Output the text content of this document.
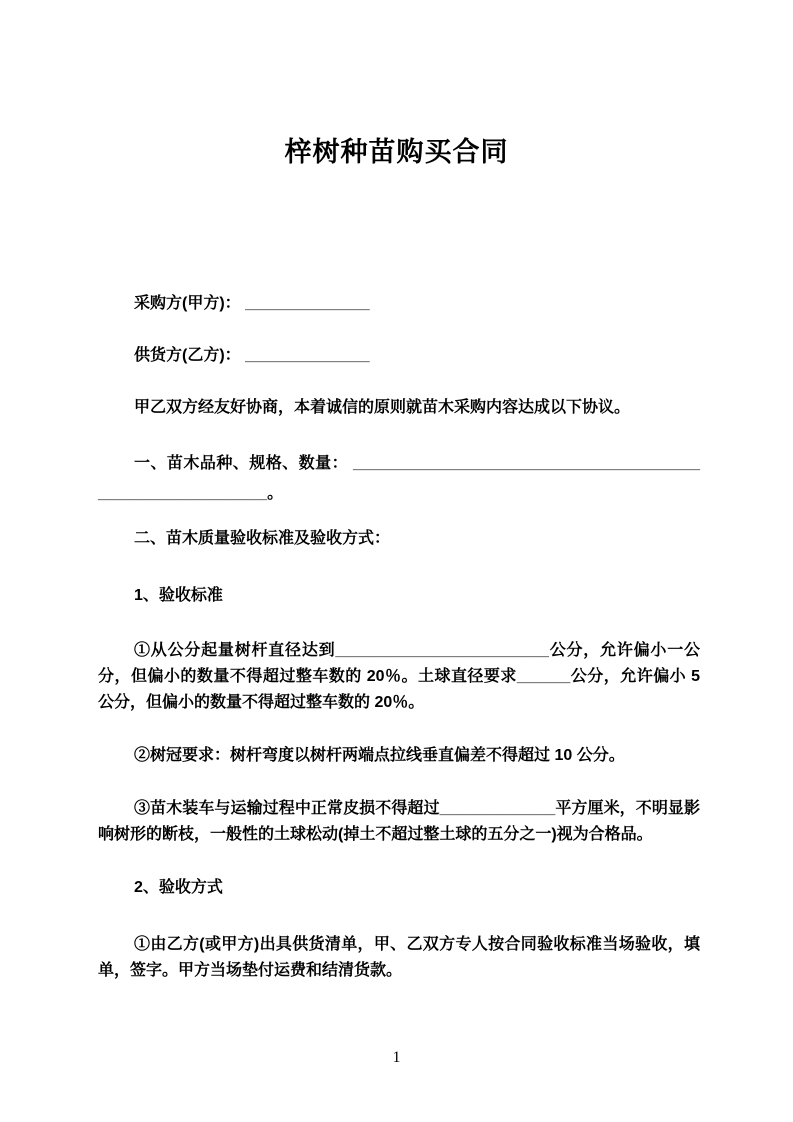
梓树种苗购买合同

采购方(甲方)： ______________

供货方(乙方)： ______________

甲乙双方经友好协商，本着诚信的原则就苗木采购内容达成以下协议。

一、苗木品种、规格、数量： __________________________________________________________。

二、苗木质量验收标准及验收方式：

1、验收标准

①从公分起量树杆直径达到________________________公分，允许偏小一公分，但偏小的数量不得超过整车数的 20％。土球直径要求______公分，允许偏小 5 公分，但偏小的数量不得超过整车数的 20％。

②树冠要求：树杆弯度以树杆两端点拉线垂直偏差不得超过 10 公分。

③苗木装车与运输过程中正常皮损不得超过_____________平方厘米，不明显影响树形的断枝，一般性的土球松动(掉土不超过整土球的五分之一)视为合格品。

2、验收方式

①由乙方(或甲方)出具供货清单，甲、乙双方专人按合同验收标准当场验收，填单，签字。甲方当场垫付运费和结清货款。

1
